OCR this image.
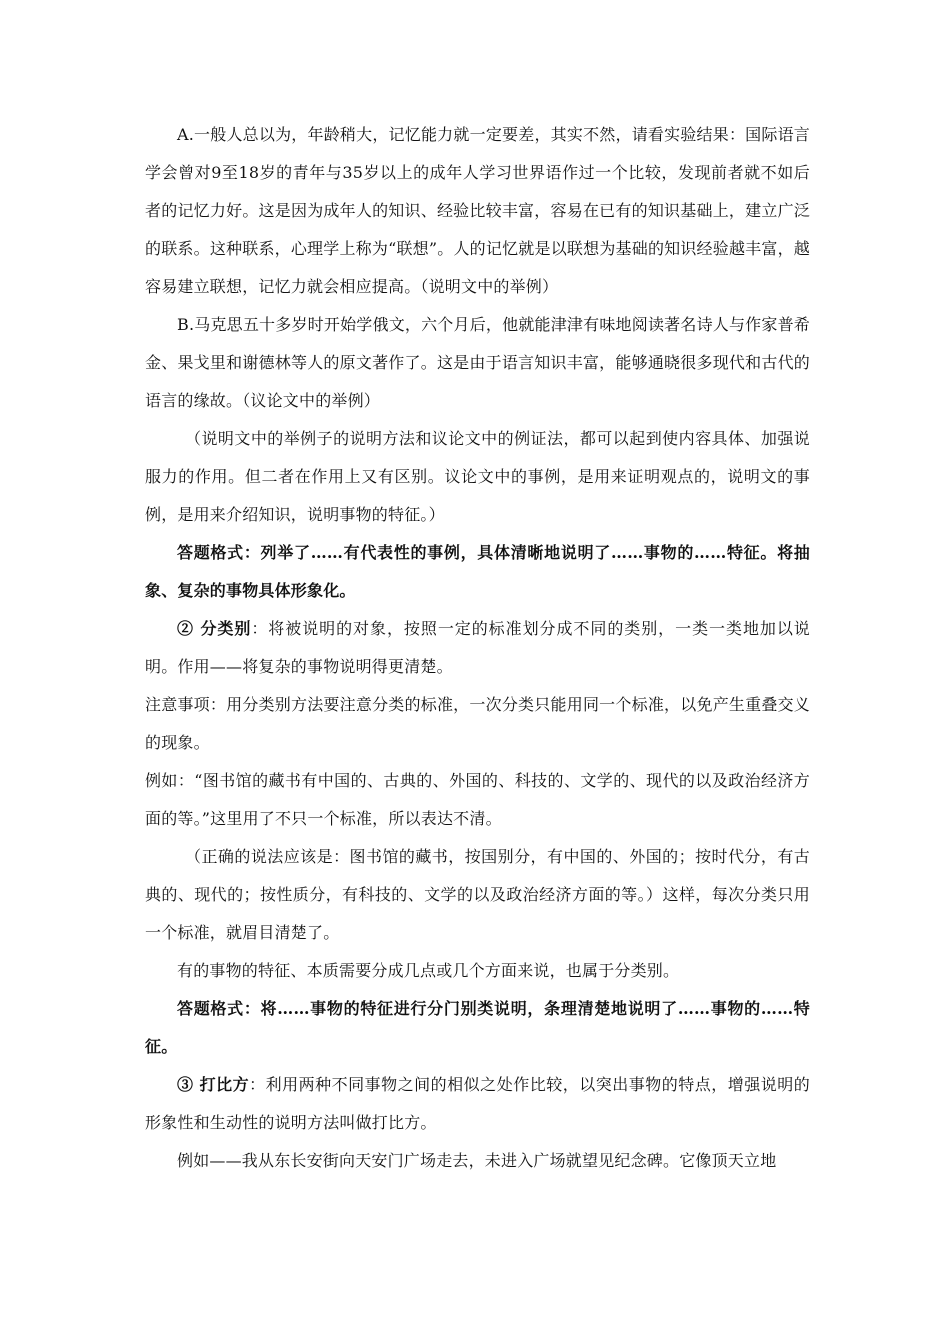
A.一般人总以为，年龄稍大，记忆能力就一定要差，其实不然，请看实验结果：国际语言学会曾对9至18岁的青年与35岁以上的成年人学习世界语作过一个比较，发现前者就不如后者的记忆力好。这是因为成年人的知识、经验比较丰富，容易在已有的知识基础上，建立广泛的联系。这种联系，心理学上称为“联想”。人的记忆就是以联想为基础的知识经验越丰富，越容易建立联想，记忆力就会相应提高。（说明文中的举例）

B.马克思五十多岁时开始学俄文，六个月后，他就能津津有味地阅读著名诗人与作家普希金、果戈里和谢德林等人的原文著作了。这是由于语言知识丰富，能够通晓很多现代和古代的语言的缘故。（议论文中的举例）

（说明文中的举例子的说明方法和议论文中的例证法，都可以起到使内容具体、加强说服力的作用。但二者在作用上又有区别。议论文中的事例，是用来证明观点的，说明文的事例，是用来介绍知识，说明事物的特征。）

答题格式：列举了……有代表性的事例，具体清晰地说明了……事物的……特征。将抽象、复杂的事物具体形象化。

② 分类别：将被说明的对象，按照一定的标准划分成不同的类别，一类一类地加以说明。作用——将复杂的事物说明得更清楚。

注意事项：用分类别方法要注意分类的标准，一次分类只能用同一个标准，以免产生重叠交义的现象。

例如：“图书馆的藏书有中国的、古典的、外国的、科技的、文学的、现代的以及政治经济方面的等。”这里用了不只一个标准，所以表达不清。

（正确的说法应该是：图书馆的藏书，按国别分，有中国的、外国的；按时代分，有古典的、现代的；按性质分，有科技的、文学的以及政治经济方面的等。）这样，每次分类只用一个标准，就眉目清楚了。

有的事物的特征、本质需要分成几点或几个方面来说，也属于分类别。

答题格式：将……事物的特征进行分门别类说明，条理清楚地说明了……事物的……特征。

③ 打比方：利用两种不同事物之间的相似之处作比较，以突出事物的特点，增强说明的形象性和生动性的说明方法叫做打比方。

例如——我从东长安街向天安门广场走去，未进入广场就望见纪念碑。它像顶天立地
